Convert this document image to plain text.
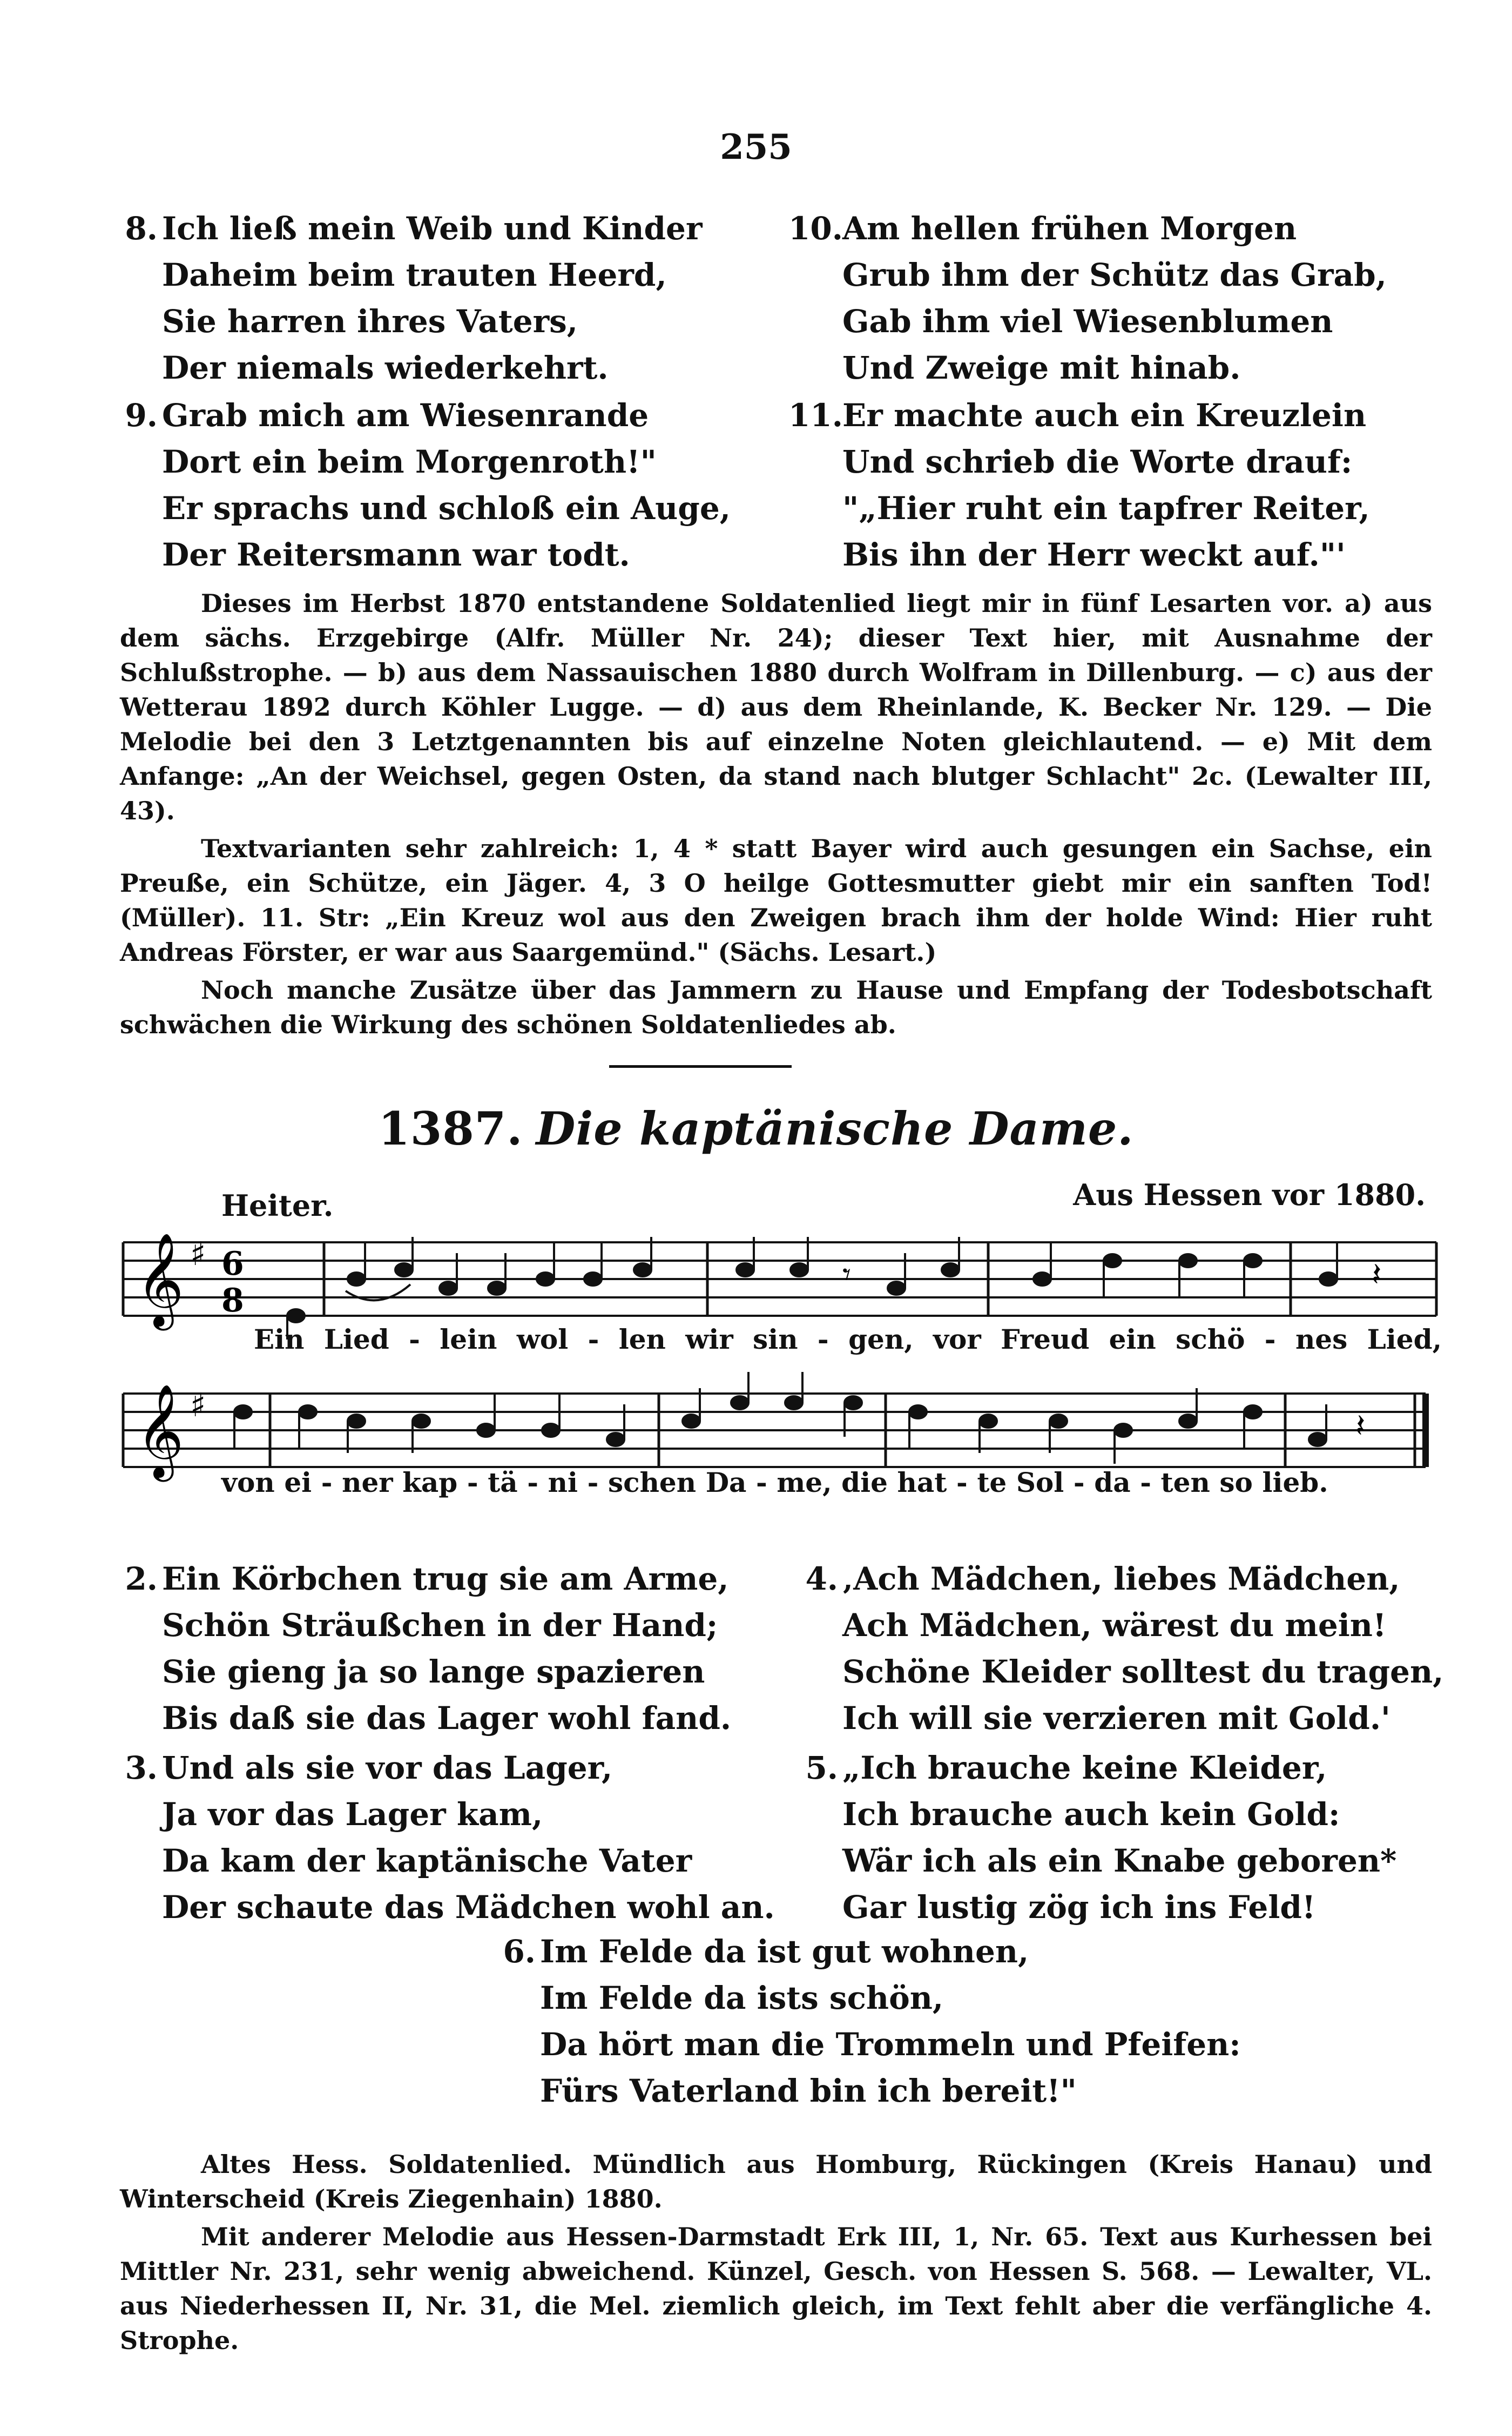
255
8. Ich ließ mein Weib und Kinder
Daheim beim trauten Heerd,
Sie harren ihres Vaters,
Der niemals wiederkehrt.
9. Grab mich am Wiesenrande
Dort ein beim Morgenroth!"
Er sprachs und schloß ein Auge,
Der Reitersmann war todt.
10.Am hellen frühen Morgen
Grub ihm der Schütz das Grab,
Gab ihm viel Wiesenblumen
Und Zweige mit hinab.
11.Er machte auch ein Kreuzlein
Und schrieb die Worte drauf:
"„Hier ruht ein tapfrer Reiter,
Bis ihn der Herr weckt auf."'

Dieses im Herbst 1870 entstandene Soldatenlied liegt mir in fünf Lesarten vor. a) aus dem sächs. Erzgebirge (Alfr. Müller Nr. 24); dieser Text hier, mit Ausnahme der Schlußstrophe. — b) aus dem Nassauischen 1880 durch Wolfram in Dillenburg. — c) aus der Wetterau 1892 durch Köhler Lugge. — d) aus dem Rheinlande, K. Becker Nr. 129. — Die Melodie bei den 3 Letztgenannten bis auf einzelne Noten gleichlautend. — e) Mit dem Anfange: „An der Weichsel, gegen Osten, da stand nach blutger Schlacht" 2c. (Lewalter III, 43).

Textvarianten sehr zahlreich: 1, 4 * statt Bayer wird auch gesungen ein Sachse, ein Preuße, ein Schütze, ein Jäger. 4, 3 O heilge Gottesmutter giebt mir ein sanften Tod! (Müller). 11. Str: „Ein Kreuz wol aus den Zweigen brach ihm der holde Wind: Hier ruht Andreas Förster, er war aus Saargemünd." (Sächs. Lesart.)

Noch manche Zusätze über das Jammern zu Hause und Empfang der Todesbotschaft schwächen die Wirkung des schönen Soldatenliedes ab.

1387. Die kaptänische Dame.
Heiter.	Aus Hessen vor 1880.
𝄞 ♯ 6
8
𝄾	𝄽
Ein Lied - lein wol - len wir sin - gen, vor Freud ein schö - nes Lied,
𝄞 ♯
𝄽
von ei - ner kap - tä - ni - schen Da - me, die hat - te Sol - da - ten so lieb.
2. Ein Körbchen trug sie am Arme,
Schön Sträußchen in der Hand;
Sie gieng ja so lange spazieren
Bis daß sie das Lager wohl fand.
3. Und als sie vor das Lager,
Ja vor das Lager kam,
Da kam der kaptänische Vater
Der schaute das Mädchen wohl an.
4. ‚Ach Mädchen, liebes Mädchen,
Ach Mädchen, wärest du mein!
Schöne Kleider solltest du tragen,
Ich will sie verzieren mit Gold.'
5. „Ich brauche keine Kleider,
Ich brauche auch kein Gold:
Wär ich als ein Knabe geboren*
Gar lustig zög ich ins Feld!
6. Im Felde da ist gut wohnen,
Im Felde da ists schön,
Da hört man die Trommeln und Pfeifen:
Fürs Vaterland bin ich bereit!"

Altes Hess. Soldatenlied. Mündlich aus Homburg, Rückingen (Kreis Hanau) und Winterscheid (Kreis Ziegenhain) 1880.

Mit anderer Melodie aus Hessen-Darmstadt Erk III, 1, Nr. 65. Text aus Kurhessen bei Mittler Nr. 231, sehr wenig abweichend. Künzel, Gesch. von Hessen S. 568. — Lewalter, VL. aus Niederhessen II, Nr. 31, die Mel. ziemlich gleich, im Text fehlt aber die verfängliche 4. Strophe.
